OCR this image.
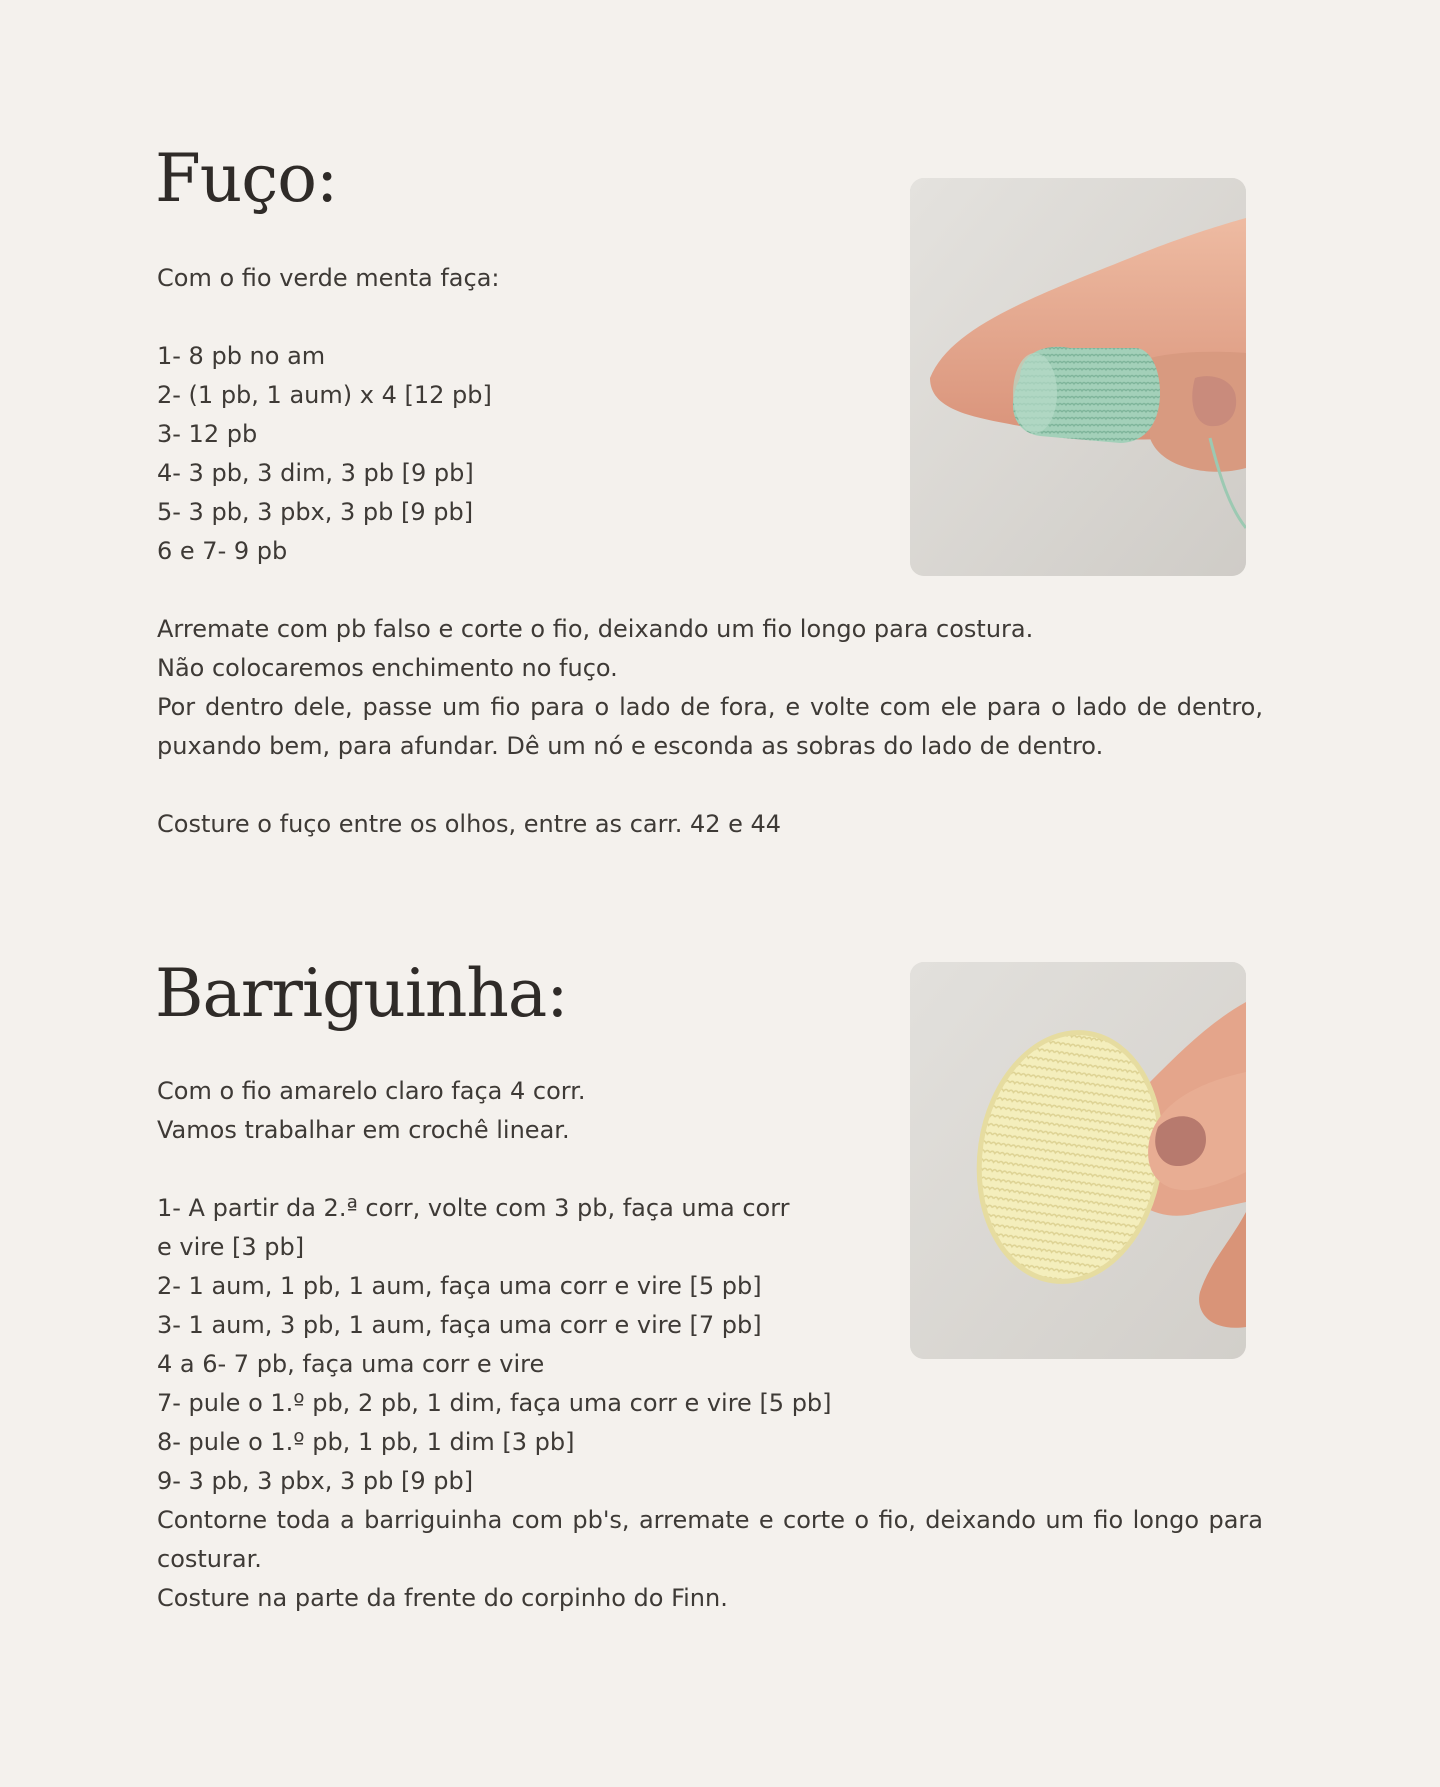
Fuço:

Com o fio verde menta faça:

1- 8 pb no am

2- (1 pb, 1 aum) x 4 [12 pb]

3- 12 pb

4- 3 pb, 3 dim, 3 pb [9 pb]

5- 3 pb, 3 pbx, 3 pb [9 pb]

6 e 7- 9 pb

Arremate com pb falso e corte o fio, deixando um fio longo para costura.

Não colocaremos enchimento no fuço.

Por dentro dele, passe um fio para o lado de fora, e volte com ele para o lado de dentro, puxando bem, para afundar. Dê um nó e esconda as sobras do lado de dentro.

Costure o fuço entre os olhos, entre as carr. 42 e 44

Barriguinha:

Com o fio amarelo claro faça 4 corr.

Vamos trabalhar em crochê linear.

1- A partir da 2.ª corr, volte com 3 pb, faça uma corr

e vire [3 pb]

2- 1 aum, 1 pb, 1 aum, faça uma corr e vire [5 pb]

3- 1 aum, 3 pb, 1 aum, faça uma corr e vire [7 pb]

4 a 6- 7 pb, faça uma corr e vire

7- pule o 1.º pb, 2 pb, 1 dim, faça uma corr e vire [5 pb]

8- pule o 1.º pb, 1 pb, 1 dim [3 pb]

9- 3 pb, 3 pbx, 3 pb [9 pb]

Contorne toda a barriguinha com pb's, arremate e corte o fio, deixando um fio longo para costurar.

Costure na parte da frente do corpinho do Finn.
